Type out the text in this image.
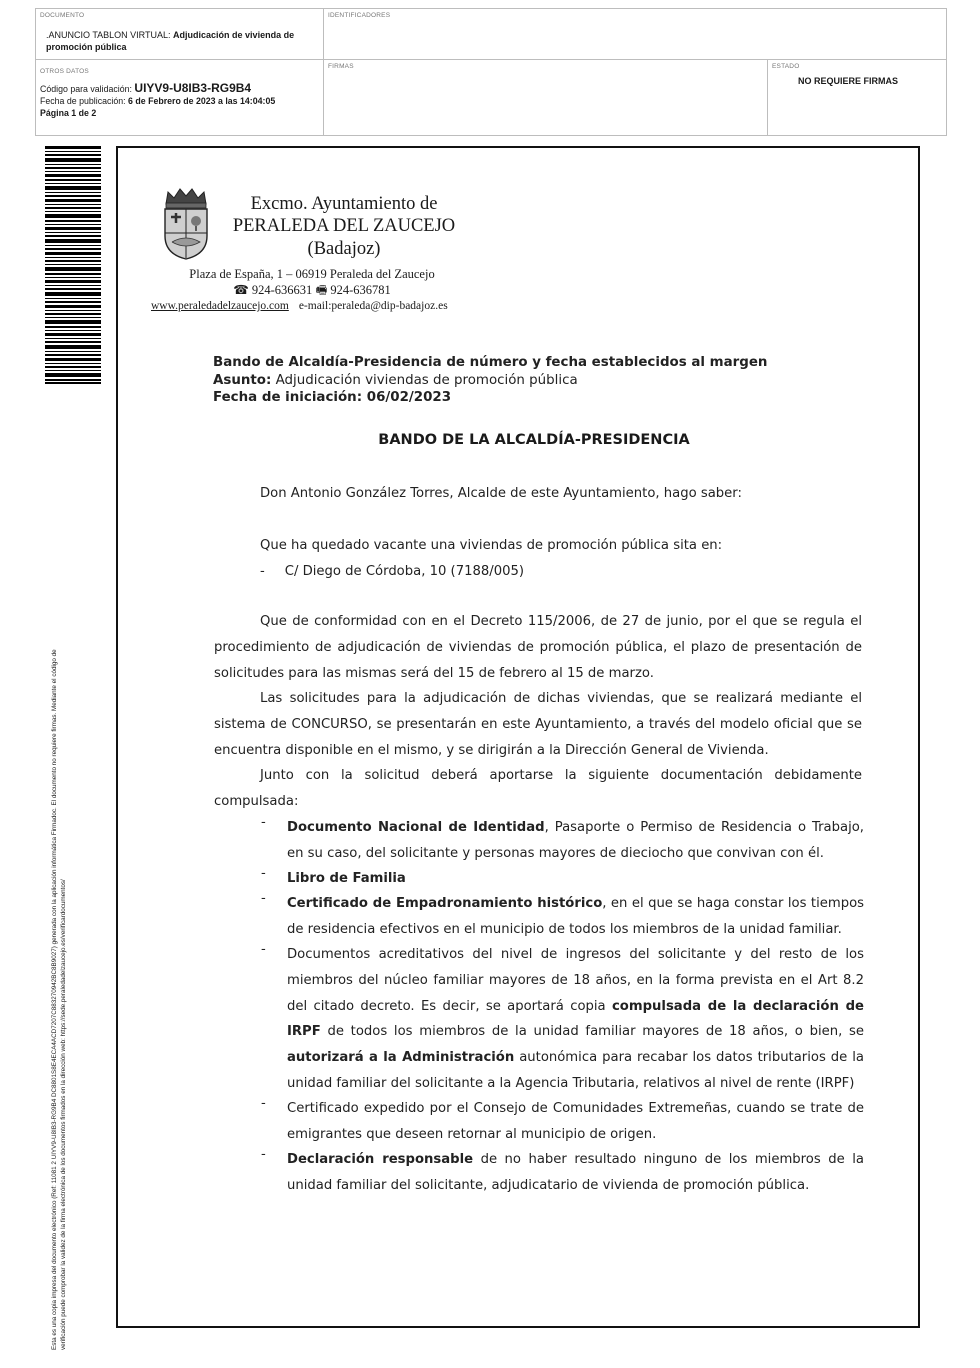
DOCUMENTO
.ANUNCIO TABLON VIRTUAL: Adjudicación de vivienda de promoción pública
IDENTIFICADORES
OTROS DATOS
Código para validación: UIYV9-U8IB3-RG9B4
Fecha de publicación: 6 de Febrero de 2023 a las 14:04:05
Página 1 de 2
FIRMAS	ESTADO
NO REQUIERE FIRMAS
Esta es una copia impresa del documento electrónico (Ref: 11081 2 UIYV9-U8IB3-RG9B4 DC8801S8E4ECA4ACD7207C883270942BC8B9027) generada con la aplicación informática Firmadoc. El documento no requiere firmas. Mediante el código de verificación puede comprobar la validez de la firma electrónica de los documentos firmados en la dirección web: https://sede.peraledadelzaucejo.es/verificardocumentos/
Excmo. Ayuntamiento de
PERALEDA DEL ZAUCEJO
(Badajoz)
Plaza de España, 1 – 06919 Peraleda del Zaucejo
☎ 924-636631 🖷 924-636781
www.peraledadelzaucejo.com e-mail:peraleda@dip-badajoz.es
Bando de Alcaldía-Presidencia de número y fecha establecidos al margen
Asunto: Adjudicación viviendas de promoción pública
Fecha de iniciación: 06/02/2023
BANDO DE LA ALCALDÍA-PRESIDENCIA
Don Antonio González Torres, Alcalde de este Ayuntamiento, hago saber:
Que ha quedado vacante una viviendas de promoción pública sita en:
- C/ Diego de Córdoba, 10 (7188/005)
Que de conformidad con en el Decreto 115/2006, de 27 de junio, por el que se regula el procedimiento de adjudicación de viviendas de promoción pública, el plazo de presentación de solicitudes para las mismas será del 15 de febrero al 15 de marzo.
Las solicitudes para la adjudicación de dichas viviendas, que se realizará mediante el sistema de CONCURSO, se presentarán en este Ayuntamiento, a través del modelo oficial que se encuentra disponible en el mismo, y se dirigirán a la Dirección General de Vivienda.
Junto con la solicitud deberá aportarse la siguiente documentación debidamente compulsada:
- Documento Nacional de Identidad, Pasaporte o Permiso de Residencia o Trabajo, en su caso, del solicitante y personas mayores de dieciocho que convivan con él.
- Libro de Familia
- Certificado de Empadronamiento histórico, en el que se haga constar los tiempos de residencia efectivos en el municipio de todos los miembros de la unidad familiar.
- Documentos acreditativos del nivel de ingresos del solicitante y del resto de los miembros del núcleo familiar mayores de 18 años, en la forma prevista en el Art 8.2 del citado decreto. Es decir, se aportará copia compulsada de la declaración de IRPF de todos los miembros de la unidad familiar mayores de 18 años, o bien, se autorizará a la Administración autonómica para recabar los datos tributarios de la unidad familiar del solicitante a la Agencia Tributaria, relativos al nivel de rente (IRPF)
- Certificado expedido por el Consejo de Comunidades Extremeñas, cuando se trate de emigrantes que deseen retornar al municipio de origen.
- Declaración responsable de no haber resultado ninguno de los miembros de la unidad familiar del solicitante, adjudicatario de vivienda de promoción pública.
